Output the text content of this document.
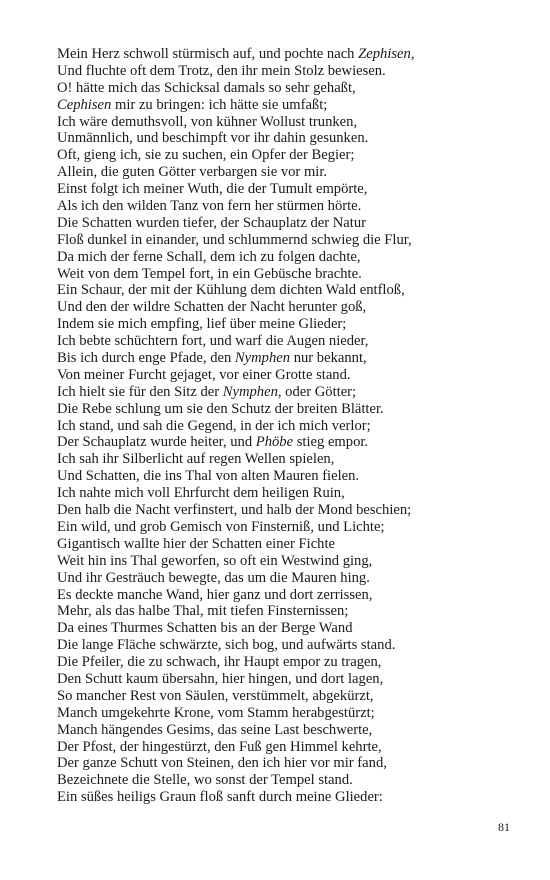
Mein Herz schwoll stürmisch auf, und pochte nach Zephisen,
Und fluchte oft dem Trotz, den ihr mein Stolz bewiesen.
O! hätte mich das Schicksal damals so sehr gehaßt,
Cephisen mir zu bringen: ich hätte sie umfaßt;
Ich wäre demuthsvoll, von kühner Wollust trunken,
Unmännlich, und beschimpft vor ihr dahin gesunken.
Oft, gieng ich, sie zu suchen, ein Opfer der Begier;
Allein, die guten Götter verbargen sie vor mir.
Einst folgt ich meiner Wuth, die der Tumult empörte,
Als ich den wilden Tanz von fern her stürmen hörte.
Die Schatten wurden tiefer, der Schauplatz der Natur
Floß dunkel in einander, und schlummernd schwieg die Flur,
Da mich der ferne Schall, dem ich zu folgen dachte,
Weit von dem Tempel fort, in ein Gebüsche brachte.
Ein Schaur, der mit der Kühlung dem dichten Wald entfloß,
Und den der wildre Schatten der Nacht herunter goß,
Indem sie mich empfing, lief über meine Glieder;
Ich bebte schüchtern fort, und warf die Augen nieder,
Bis ich durch enge Pfade, den Nymphen nur bekannt,
Von meiner Furcht gejaget, vor einer Grotte stand.
Ich hielt sie für den Sitz der Nymphen, oder Götter;
Die Rebe schlung um sie den Schutz der breiten Blätter.
Ich stand, und sah die Gegend, in der ich mich verlor;
Der Schauplatz wurde heiter, und Phöbe stieg empor.
Ich sah ihr Silberlicht auf regen Wellen spielen,
Und Schatten, die ins Thal von alten Mauren fielen.
Ich nahte mich voll Ehrfurcht dem heiligen Ruin,
Den halb die Nacht verfinstert, und halb der Mond beschien;
Ein wild, und grob Gemisch von Finsterniß, und Lichte;
Gigantisch wallte hier der Schatten einer Fichte
Weit hin ins Thal geworfen, so oft ein Westwind ging,
Und ihr Gesträuch bewegte, das um die Mauren hing.
Es deckte manche Wand, hier ganz und dort zerrissen,
Mehr, als das halbe Thal, mit tiefen Finsternissen;
Da eines Thurmes Schatten bis an der Berge Wand
Die lange Fläche schwärzte, sich bog, und aufwärts stand.
Die Pfeiler, die zu schwach, ihr Haupt empor zu tragen,
Den Schutt kaum übersahn, hier hingen, und dort lagen,
So mancher Rest von Säulen, verstümmelt, abgekürzt,
Manch umgekehrte Krone, vom Stamm herabgestürzt;
Manch hängendes Gesims, das seine Last beschwerte,
Der Pfost, der hingestürzt, den Fuß gen Himmel kehrte,
Der ganze Schutt von Steinen, den ich hier vor mir fand,
Bezeichnete die Stelle, wo sonst der Tempel stand.
Ein süßes heiligs Graun floß sanft durch meine Glieder:
81
